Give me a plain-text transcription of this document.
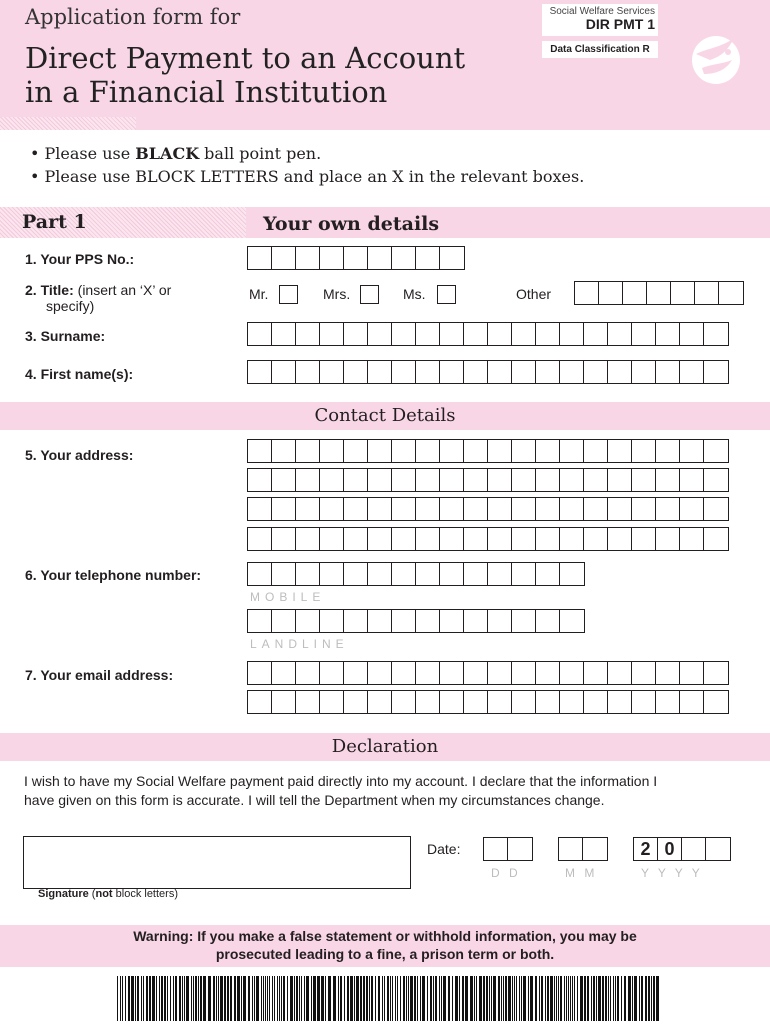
Application form for
Direct Payment to an Account
in a Financial Institution
Social Welfare Services
DIR PMT 1
Data Classification R
• Please use BLACK ball point pen.
• Please use BLOCK LETTERS and place an X in the relevant boxes.
Part 1	Your own details
1. Your PPS No.:
2. Title: (insert an ‘X’ or
specify)
Mr.	Mrs.	Ms.	Other
3. Surname:
4. First name(s):
Contact Details
5. Your address:
6. Your telephone number:
MOBILE
LANDLINE
7. Your email address:
Declaration
I wish to have my Social Welfare payment paid directly into my account. I declare that the information I
have given on this form is accurate. I will tell the Department when my circumstances change.
Signature (not block letters)
Date:	2 0
D D	M M	Y Y Y Y
Warning: If you make a false statement or withhold information, you may be
prosecuted leading to a fine, a prison term or both.
